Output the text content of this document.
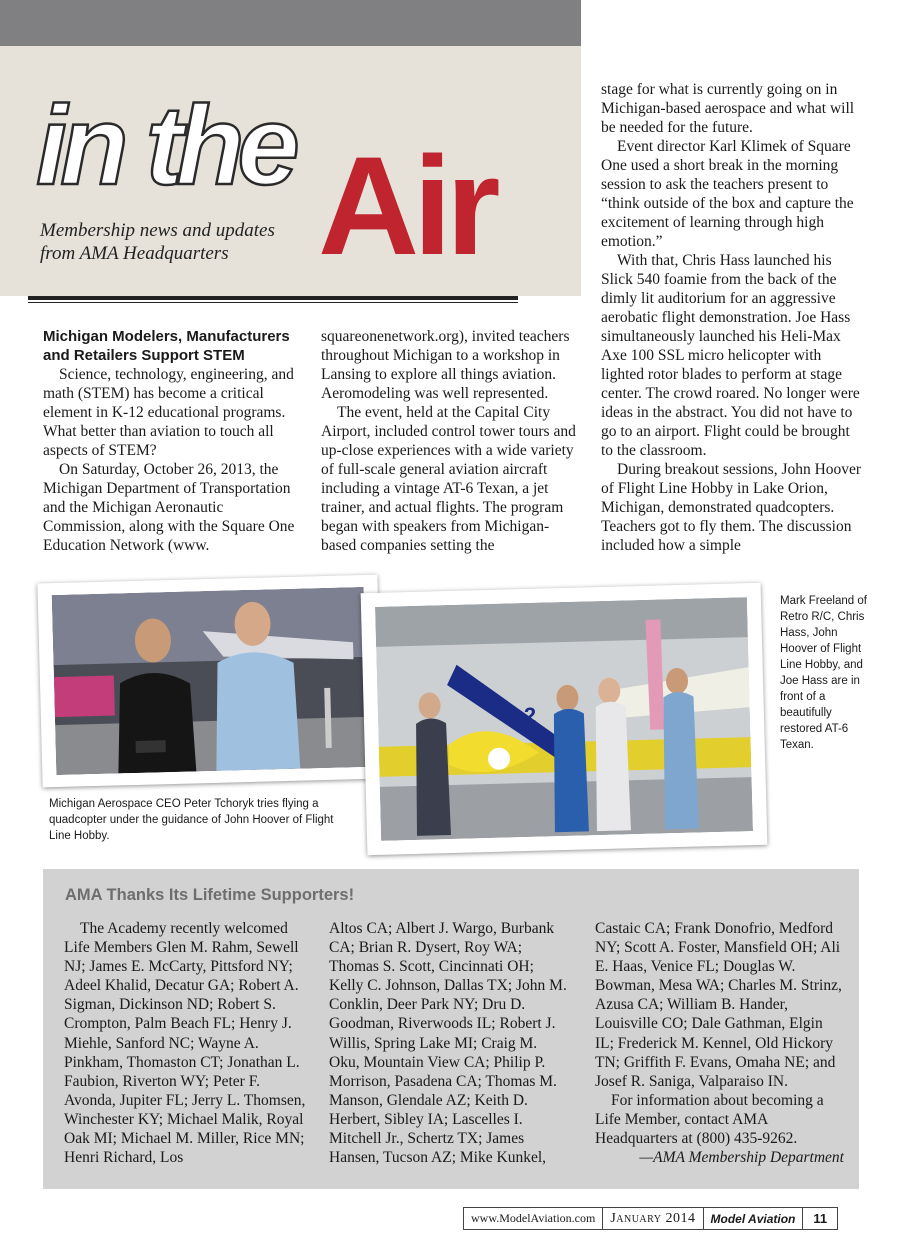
in the Air
Membership news and updates from AMA Headquarters
Michigan Modelers, Manufacturers and Retailers Support STEM

Science, technology, engineering, and math (STEM) has become a critical element in K-12 educational programs. What better than aviation to touch all aspects of STEM?

On Saturday, October 26, 2013, the Michigan Department of Transportation and the Michigan Aeronautic Commission, along with the Square One Education Network (www.

squareonenetwork.org), invited teachers throughout Michigan to a workshop in Lansing to explore all things aviation. Aeromodeling was well represented.

The event, held at the Capital City Airport, included control tower tours and up-close experiences with a wide variety of full-scale general aviation aircraft including a vintage AT-6 Texan, a jet trainer, and actual flights. The program began with speakers from Michigan-based companies setting the

stage for what is currently going on in Michigan-based aerospace and what will be needed for the future.

Event director Karl Klimek of Square One used a short break in the morning session to ask the teachers present to “think outside of the box and capture the excitement of learning through high emotion.”

With that, Chris Hass launched his Slick 540 foamie from the back of the dimly lit auditorium for an aggressive aerobatic flight demonstration. Joe Hass simultaneously launched his Heli-Max Axe 100 SSL micro helicopter with lighted rotor blades to perform at stage center. The crowd roared. No longer were ideas in the abstract. You did not have to go to an airport. Flight could be brought to the classroom.

During breakout sessions, John Hoover of Flight Line Hobby in Lake Orion, Michigan, demonstrated quadcopters. Teachers got to fly them. The discussion included how a simple

2
Michigan Aerospace CEO Peter Tchoryk tries flying a quadcopter under the guidance of John Hoover of Flight Line Hobby.
Mark Freeland of Retro R/C, Chris Hass, John Hoover of Flight Line Hobby, and Joe Hass are in front of a beautifully restored AT-6 Texan.
AMA Thanks Its Lifetime Supporters!

The Academy recently welcomed Life Members Glen M. Rahm, Sewell NJ; James E. McCarty, Pittsford NY; Adeel Khalid, Decatur GA; Robert A. Sigman, Dickinson ND; Robert S. Crompton, Palm Beach FL; Henry J. Miehle, Sanford NC; Wayne A. Pinkham, Thomaston CT; Jonathan L. Faubion, Riverton WY; Peter F. Avonda, Jupiter FL; Jerry L. Thomsen, Winchester KY; Michael Malik, Royal Oak MI; Michael M. Miller, Rice MN; Henri Richard, Los

Altos CA; Albert J. Wargo, Burbank CA; Brian R. Dysert, Roy WA; Thomas S. Scott, Cincinnati OH; Kelly C. Johnson, Dallas TX; John M. Conklin, Deer Park NY; Dru D. Goodman, Riverwoods IL; Robert J. Willis, Spring Lake MI; Craig M. Oku, Mountain View CA; Philip P. Morrison, Pasadena CA; Thomas M. Manson, Glendale AZ; Keith D. Herbert, Sibley IA; Lascelles I. Mitchell Jr., Schertz TX; James Hansen, Tucson AZ; Mike Kunkel,

Castaic CA; Frank Donofrio, Medford NY; Scott A. Foster, Mansfield OH; Ali E. Haas, Venice FL; Douglas W. Bowman, Mesa WA; Charles M. Strinz, Azusa CA; William B. Hander, Louisville CO; Dale Gathman, Elgin IL; Frederick M. Kennel, Old Hickory TN; Griffith F. Evans, Omaha NE; and Josef R. Saniga, Valparaiso IN.

For information about becoming a Life Member, contact AMA Headquarters at (800) 435-9262.

—AMA Membership Department

www.ModelAviation.com	January 2014	Model Aviation	11
